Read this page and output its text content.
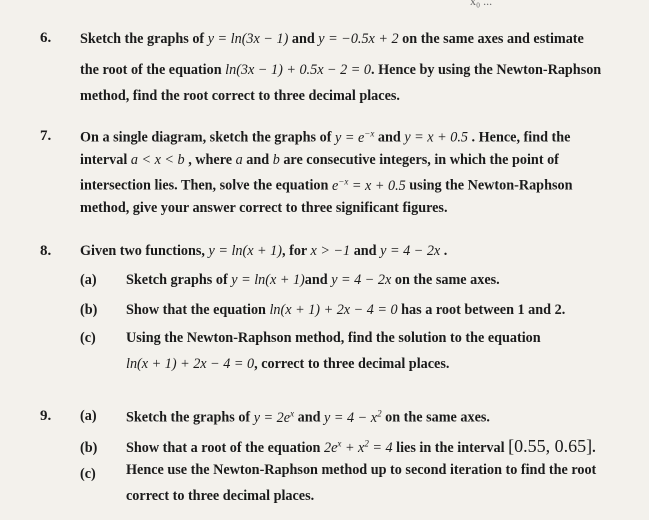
x₀ ...
6. Sketch the graphs of y = ln(3x − 1) and y = −0.5x + 2 on the same axes and estimate
the root of the equation ln(3x − 1) + 0.5x − 2 = 0. Hence by using the Newton-Raphson
method, find the root correct to three decimal places.
7. On a single diagram, sketch the graphs of $y = e^{-x}$ and y = x + 0.5 . Hence, find the
interval a < x < b , where a and b are consecutive integers, in which the point of
intersection lies. Then, solve the equation $e^{-x} = x + 0.5$ using the Newton-Raphson
method, give your answer correct to three significant figures.
8. Given two functions, y = ln(x + 1), for x > −1 and y = 4 − 2x .
(a) Sketch graphs of y = ln(x + 1)and y = 4 − 2x on the same axes.
(b) Show that the equation ln(x + 1) + 2x − 4 = 0 has a root between 1 and 2.
(c) Using the Newton-Raphson method, find the solution to the equation
ln(x + 1) + 2x − 4 = 0, correct to three decimal places.
9. (a) Sketch the graphs of $y = 2e^x$ and $y = 4 - x^2$ on the same axes.
(b) Show that a root of the equation $2e^x + x^2 = 4$ lies in the interval [0.55, 0.65].
(c) Hence use the Newton-Raphson method up to second iteration to find the root
correct to three decimal places.
